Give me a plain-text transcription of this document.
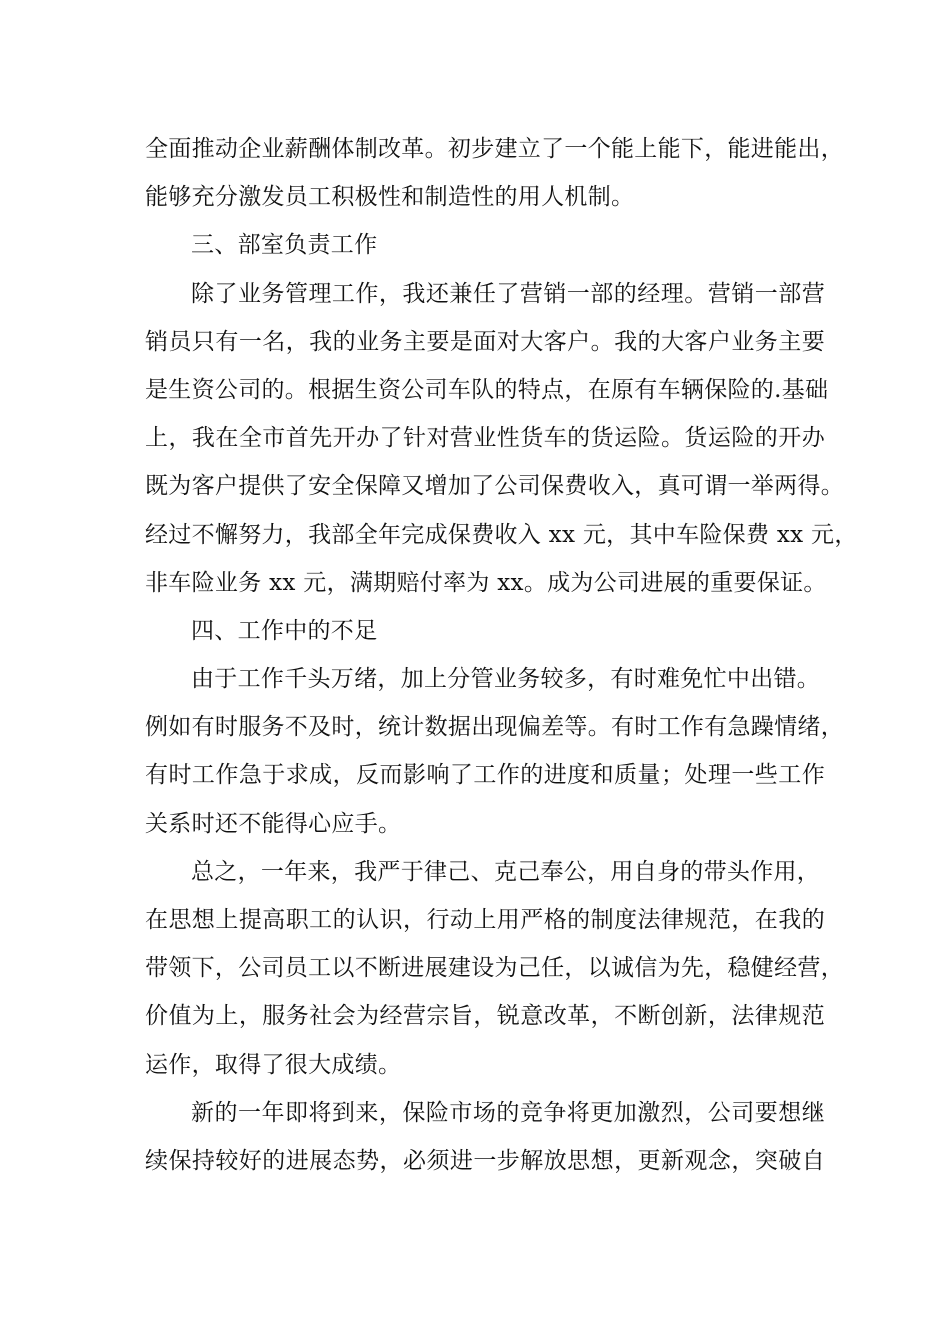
全面推动企业薪酬体制改革。初步建立了一个能上能下，能进能出，
能够充分激发员工积极性和制造性的用人机制。
三、部室负责工作
除了业务管理工作，我还兼任了营销一部的经理。营销一部营
销员只有一名，我的业务主要是面对大客户。我的大客户业务主要
是生资公司的。根据生资公司车队的特点，在原有车辆保险的.基础
上，我在全市首先开办了针对营业性货车的货运险。货运险的开办
既为客户提供了安全保障又增加了公司保费收入，真可谓一举两得。
经过不懈努力，我部全年完成保费收入 xx 元，其中车险保费 xx 元，
非车险业务 xx 元，满期赔付率为 xx。成为公司进展的重要保证。
四、工作中的不足
由于工作千头万绪，加上分管业务较多，有时难免忙中出错。
例如有时服务不及时，统计数据出现偏差等。有时工作有急躁情绪，
有时工作急于求成，反而影响了工作的进度和质量；处理一些工作
关系时还不能得心应手。
总之，一年来，我严于律己、克己奉公，用自身的带头作用，
在思想上提高职工的认识，行动上用严格的制度法律规范，在我的
带领下，公司员工以不断进展建设为己任，以诚信为先，稳健经营，
价值为上，服务社会为经营宗旨，锐意改革，不断创新，法律规范
运作，取得了很大成绩。
新的一年即将到来，保险市场的竞争将更加激烈，公司要想继
续保持较好的进展态势，必须进一步解放思想，更新观念，突破自
